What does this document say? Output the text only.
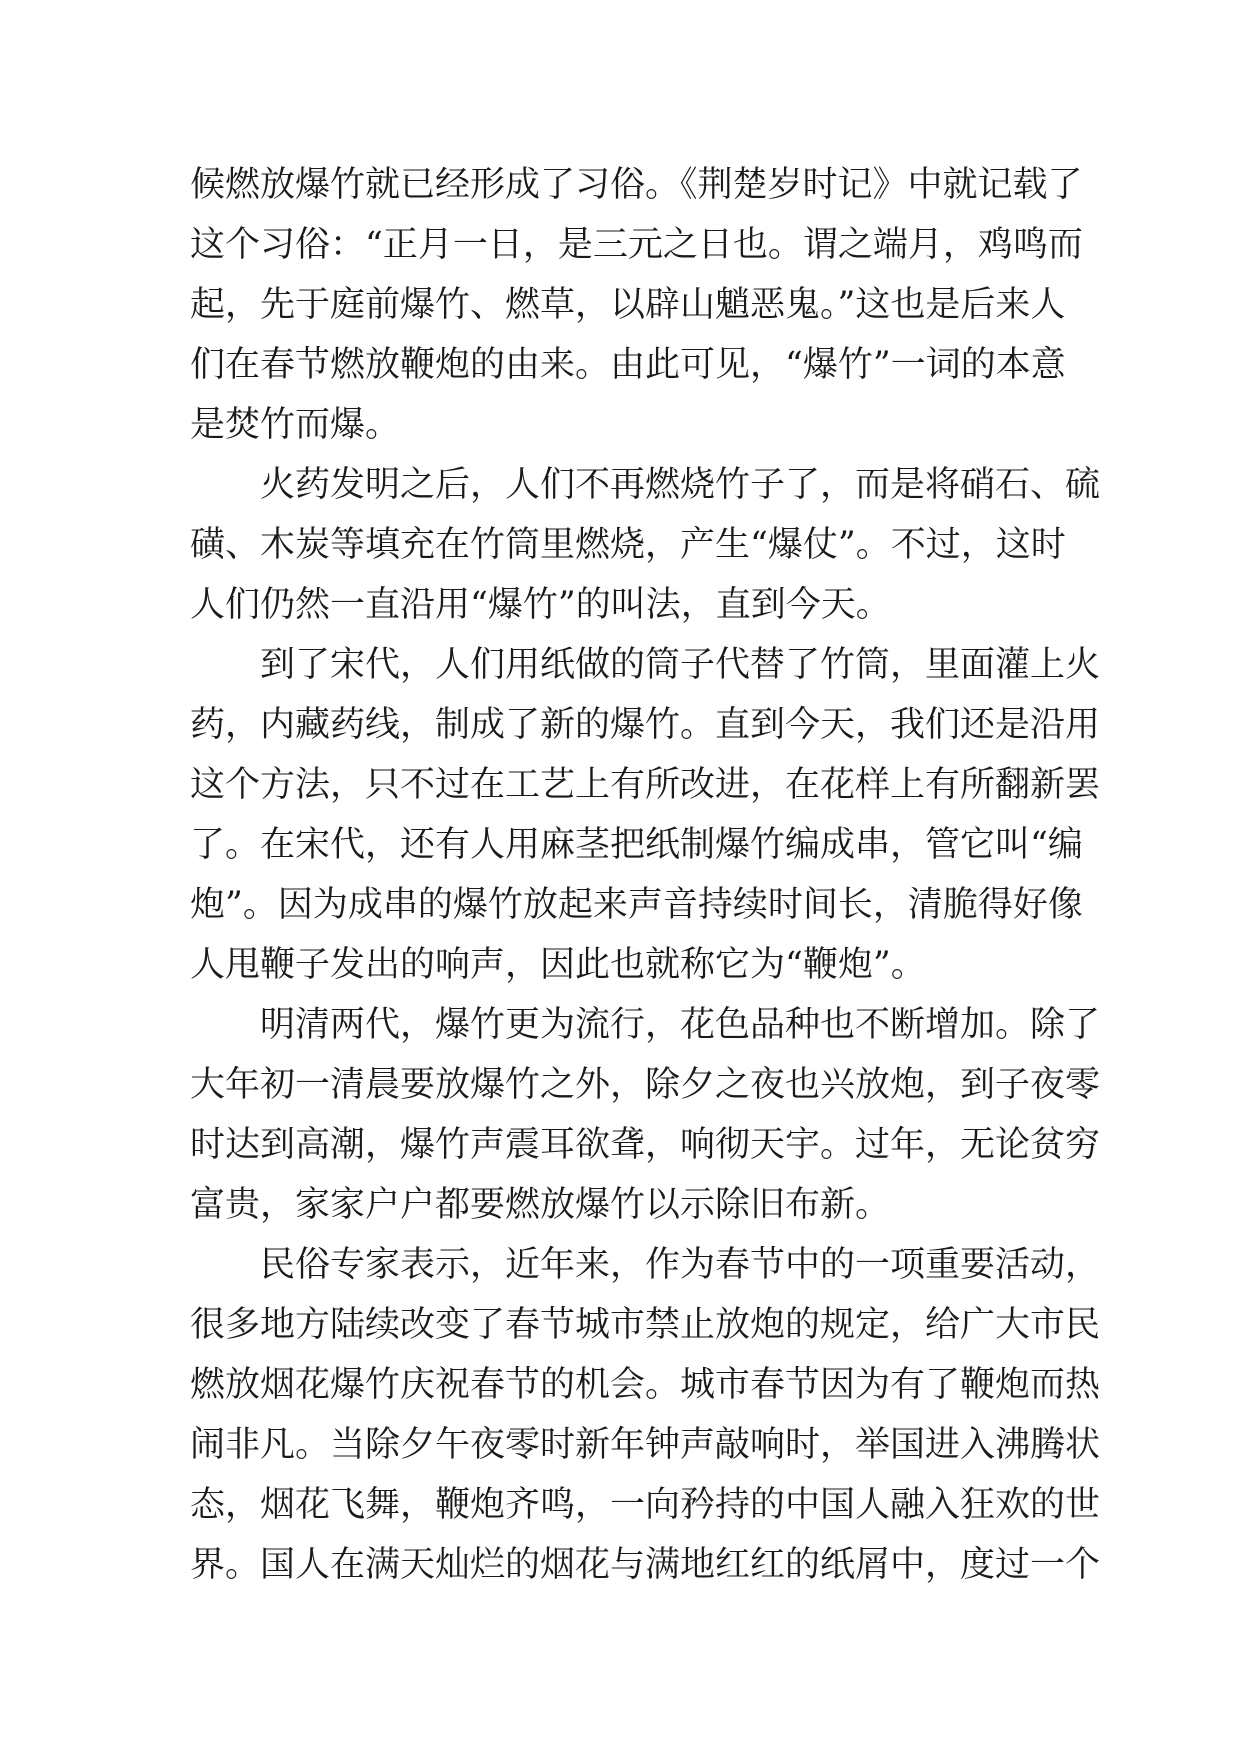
候燃放爆竹就已经形成了习俗。《荆楚岁时记》中就记载了
这个习俗：“正月一日，是三元之日也。谓之端月，鸡鸣而
起，先于庭前爆竹、燃草，以辟山魈恶鬼。”这也是后来人
们在春节燃放鞭炮的由来。由此可见，“爆竹”一词的本意
是焚竹而爆。
火药发明之后，人们不再燃烧竹子了，而是将硝石、硫
磺、木炭等填充在竹筒里燃烧，产生“爆仗”。不过，这时
人们仍然一直沿用“爆竹”的叫法，直到今天。
到了宋代，人们用纸做的筒子代替了竹筒，里面灌上火
药，内藏药线，制成了新的爆竹。直到今天，我们还是沿用
这个方法，只不过在工艺上有所改进，在花样上有所翻新罢
了。在宋代，还有人用麻茎把纸制爆竹编成串，管它叫“编
炮”。因为成串的爆竹放起来声音持续时间长，清脆得好像
人甩鞭子发出的响声，因此也就称它为“鞭炮”。
明清两代，爆竹更为流行，花色品种也不断增加。除了
大年初一清晨要放爆竹之外，除夕之夜也兴放炮，到子夜零
时达到高潮，爆竹声震耳欲聋，响彻天宇。过年，无论贫穷
富贵，家家户户都要燃放爆竹以示除旧布新。
民俗专家表示，近年来，作为春节中的一项重要活动，
很多地方陆续改变了春节城市禁止放炮的规定，给广大市民
燃放烟花爆竹庆祝春节的机会。城市春节因为有了鞭炮而热
闹非凡。当除夕午夜零时新年钟声敲响时，举国进入沸腾状
态，烟花飞舞，鞭炮齐鸣，一向矜持的中国人融入狂欢的世
界。国人在满天灿烂的烟花与满地红红的纸屑中，度过一个
